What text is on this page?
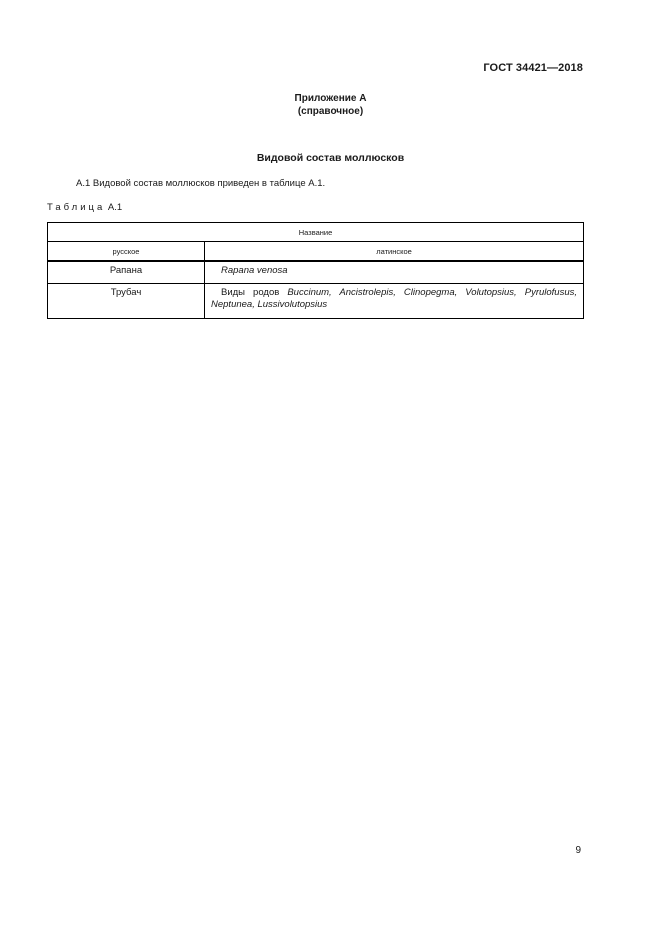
ГОСТ 34421—2018
Приложение А
(справочное)
Видовой состав моллюсков
А.1 Видовой состав моллюсков приведен в таблице А.1.
Таблица А.1
Название	
русское	латинское
Рапана	Rapana venosa
Трубач	Виды родов Buccinum, Ancistrolepis, Clinopegma, Volutopsius, Pyrulofusus, Neptunea, Lussivolutopsius
9
